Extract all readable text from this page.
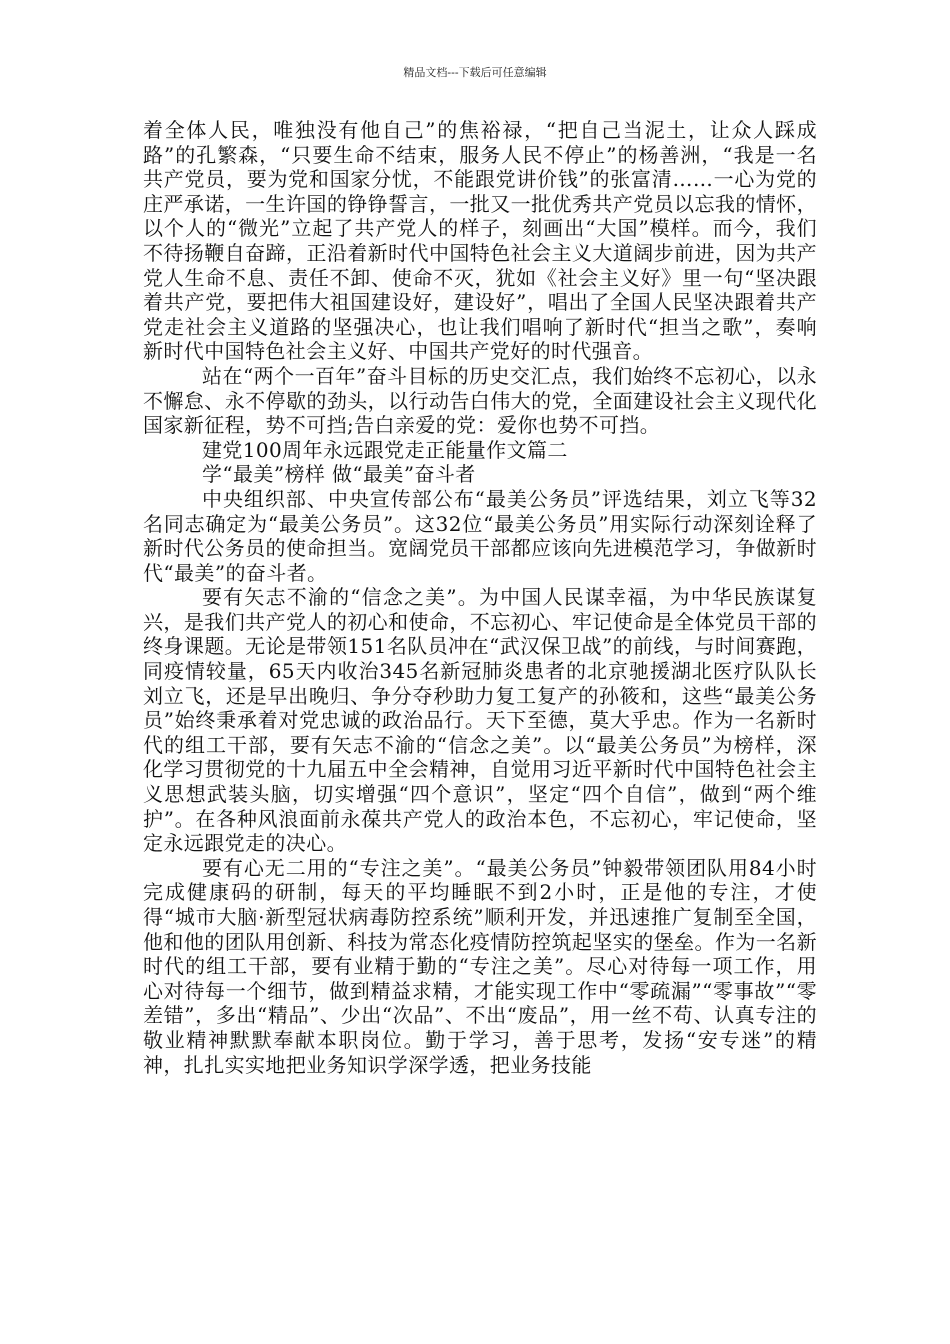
精品文档---下载后可任意编辑

着全体人民，唯独没有他自己”的焦裕禄，“把自己当泥土，让众人踩成路”的孔繁森，“只要生命不结束，服务人民不停止”的杨善洲，“我是一名共产党员，要为党和国家分忧，不能跟党讲价钱”的张富清……一心为党的庄严承诺，一生许国的铮铮誓言，一批又一批优秀共产党员以忘我的情怀，以个人的“微光”立起了共产党人的样子，刻画出“大国”模样。而今，我们不待扬鞭自奋蹄，正沿着新时代中国特色社会主义大道阔步前进，因为共产党人生命不息、责任不卸、使命不灭，犹如《社会主义好》里一句“坚决跟着共产党，要把伟大祖国建设好，建设好”，唱出了全国人民坚决跟着共产党走社会主义道路的坚强决心，也让我们唱响了新时代“担当之歌”，奏响新时代中国特色社会主义好、中国共产党好的时代强音。

站在“两个一百年”奋斗目标的历史交汇点，我们始终不忘初心，以永不懈怠、永不停歇的劲头，以行动告白伟大的党，全面建设社会主义现代化国家新征程，势不可挡;告白亲爱的党：爱你也势不可挡。

建党100周年永远跟党走正能量作文篇二

学“最美”榜样 做“最美”奋斗者

中央组织部、中央宣传部公布“最美公务员”评选结果，刘立飞等32名同志确定为“最美公务员”。这32位“最美公务员”用实际行动深刻诠释了新时代公务员的使命担当。宽阔党员干部都应该向先进模范学习，争做新时代“最美”的奋斗者。

要有矢志不渝的“信念之美”。为中国人民谋幸福，为中华民族谋复兴，是我们共产党人的初心和使命，不忘初心、牢记使命是全体党员干部的终身课题。无论是带领151名队员冲在“武汉保卫战”的前线，与时间赛跑，同疫情较量，65天内收治345名新冠肺炎患者的北京驰援湖北医疗队队长刘立飞，还是早出晚归、争分夺秒助力复工复产的孙筱和，这些“最美公务员”始终秉承着对党忠诚的政治品行。天下至德，莫大乎忠。作为一名新时代的组工干部，要有矢志不渝的“信念之美”。以“最美公务员”为榜样，深化学习贯彻党的十九届五中全会精神，自觉用习近平新时代中国特色社会主义思想武装头脑，切实增强“四个意识”，坚定“四个自信”，做到“两个维护”。在各种风浪面前永葆共产党人的政治本色，不忘初心，牢记使命，坚定永远跟党走的决心。

要有心无二用的“专注之美”。“最美公务员”钟毅带领团队用84小时完成健康码的研制，每天的平均睡眠不到2小时，正是他的专注，才使得“城市大脑·新型冠状病毒防控系统”顺利开发，并迅速推广复制至全国，他和他的团队用创新、科技为常态化疫情防控筑起坚实的堡垒。作为一名新时代的组工干部，要有业精于勤的“专注之美”。尽心对待每一项工作，用心对待每一个细节，做到精益求精，才能实现工作中“零疏漏”“零事故”“零差错”，多出“精品”、少出“次品”、不出“废品”，用一丝不苟、认真专注的敬业精神默默奉献本职岗位。勤于学习，善于思考，发扬“安专迷”的精神，扎扎实实地把业务知识学深学透，把业务技能
